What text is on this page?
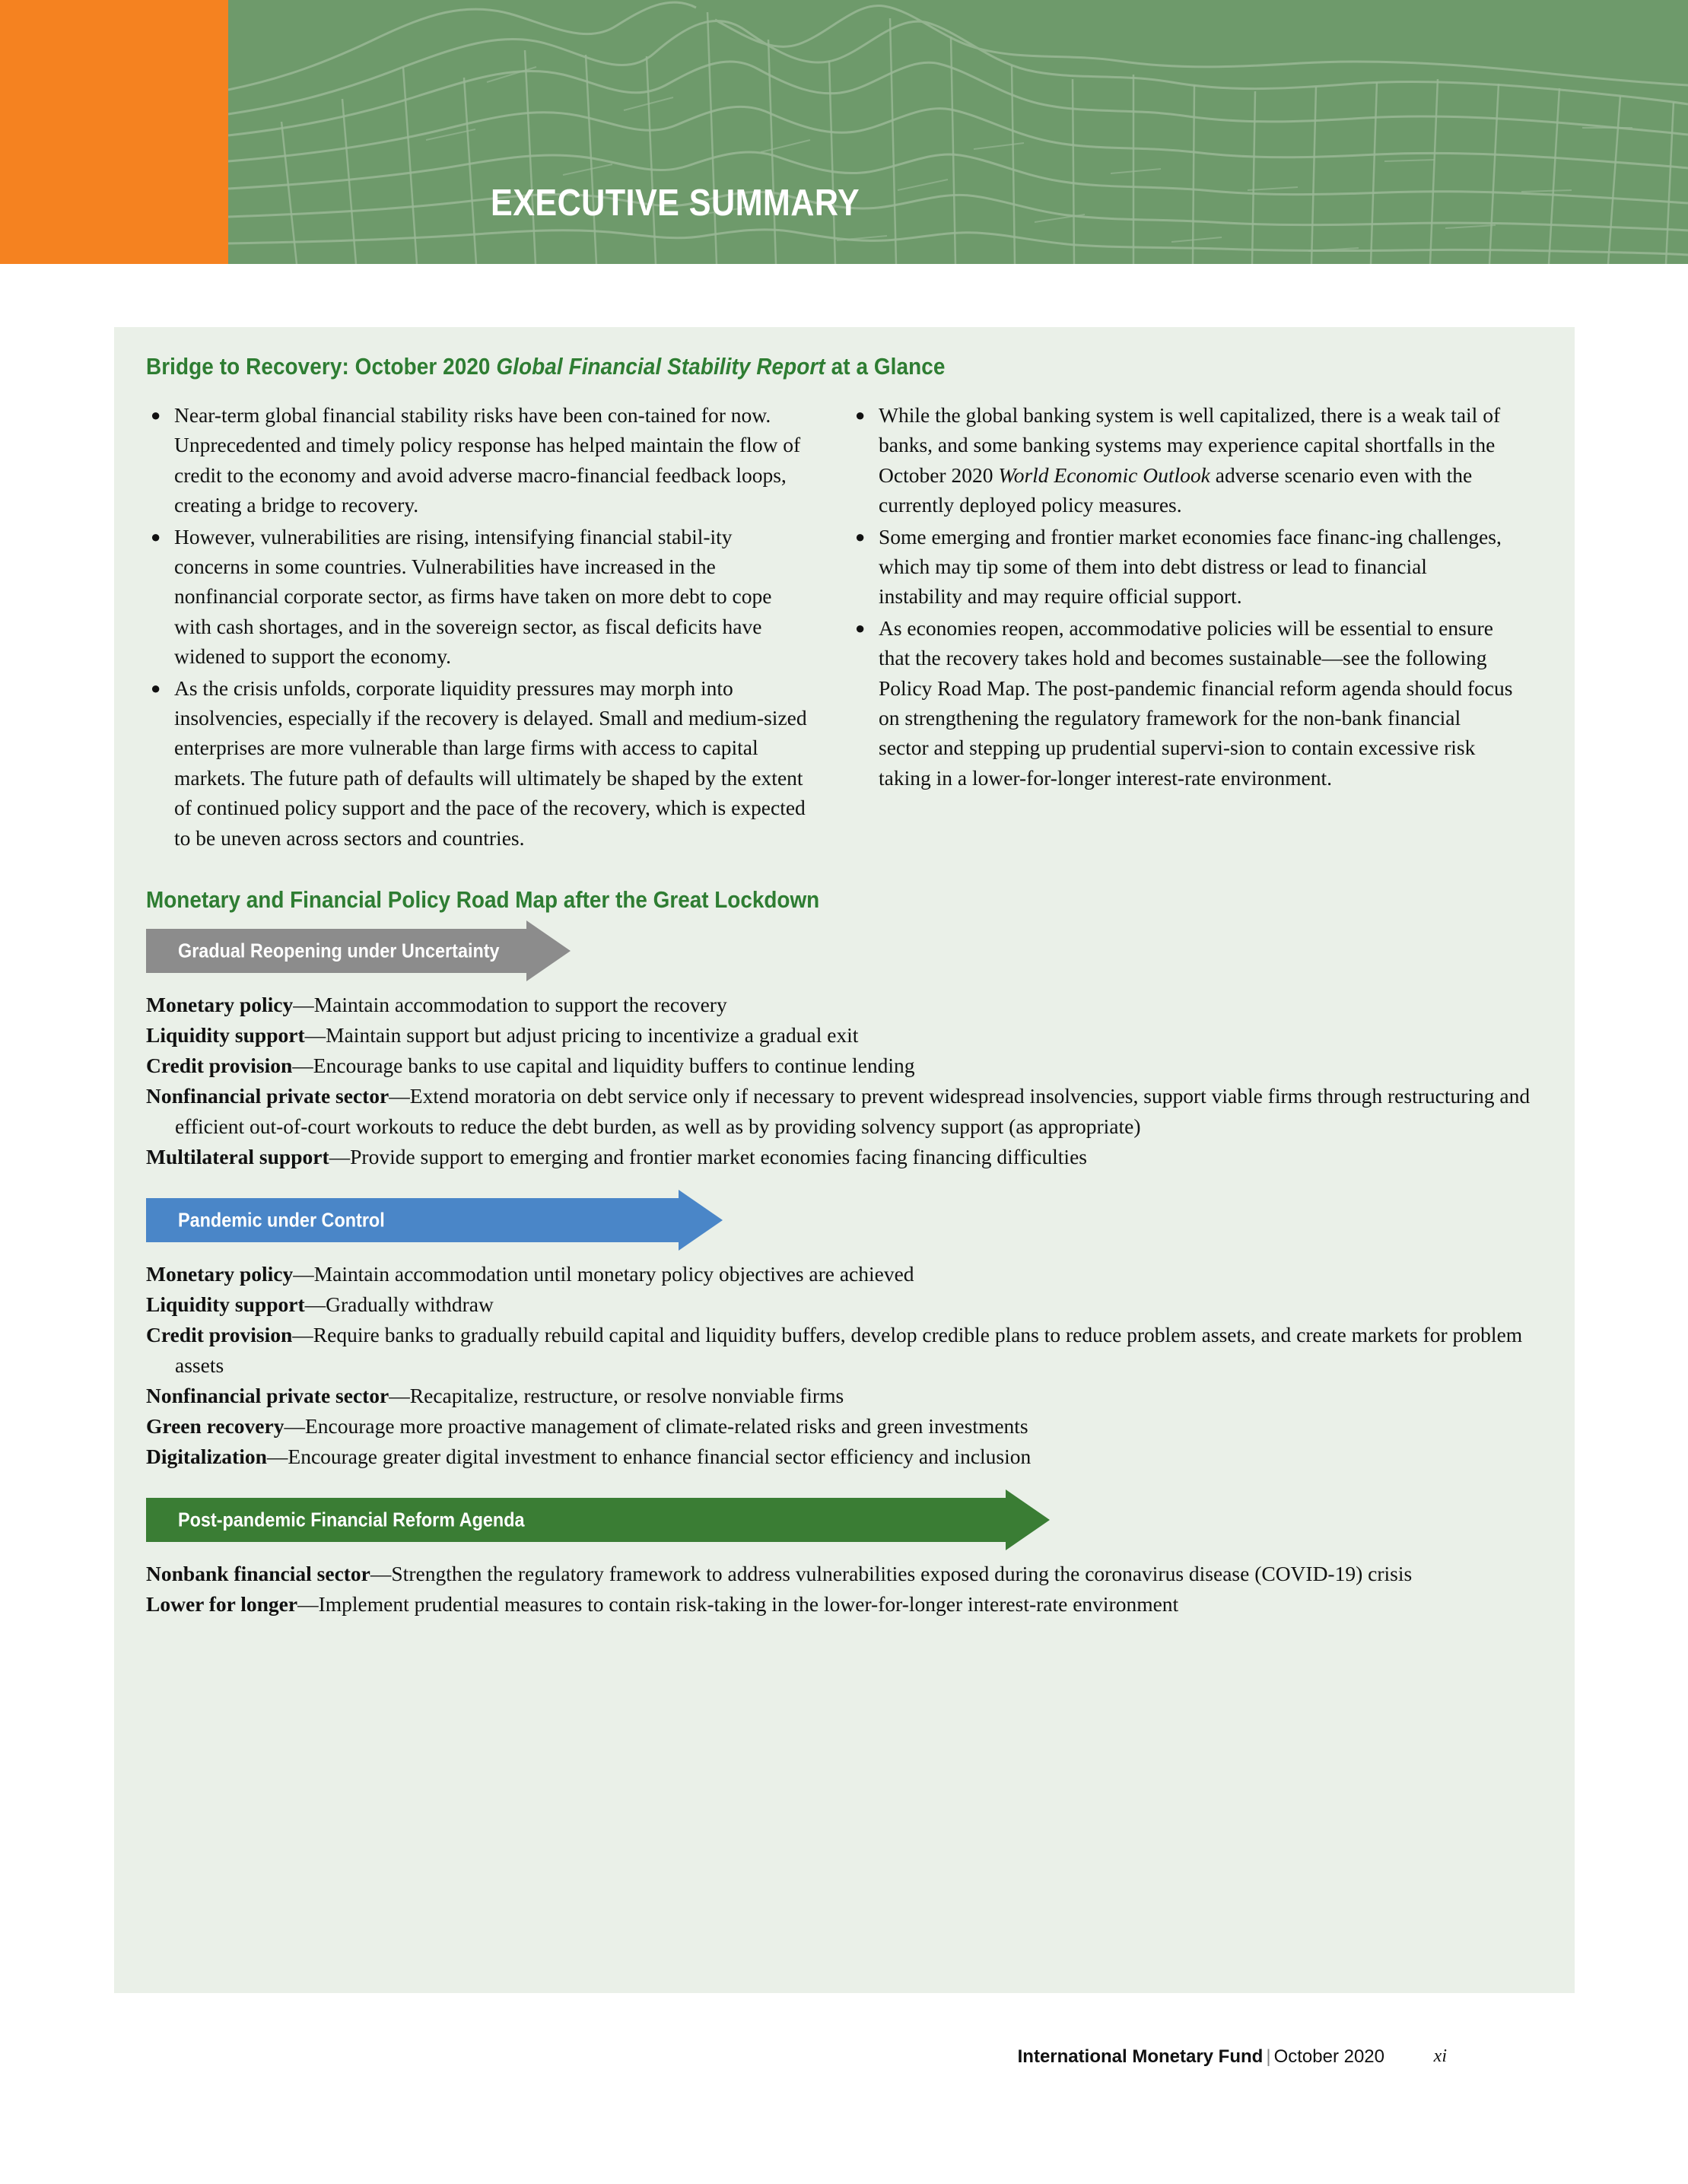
EXECUTIVE SUMMARY
Bridge to Recovery: October 2020 Global Financial Stability Report at a Glance
● Near-term global financial stability risks have been con-tained for now. Unprecedented and timely policy response has helped maintain the flow of credit to the economy and avoid adverse macro-financial feedback loops, creating a bridge to recovery.
● However, vulnerabilities are rising, intensifying financial stabil-ity concerns in some countries. Vulnerabilities have increased in the nonfinancial corporate sector, as firms have taken on more debt to cope with cash shortages, and in the sovereign sector, as fiscal deficits have widened to support the economy.
● As the crisis unfolds, corporate liquidity pressures may morph into insolvencies, especially if the recovery is delayed. Small and medium-sized enterprises are more vulnerable than large firms with access to capital markets. The future path of defaults will ultimately be shaped by the extent of continued policy support and the pace of the recovery, which is expected to be uneven across sectors and countries.
● While the global banking system is well capitalized, there is a weak tail of banks, and some banking systems may experience capital shortfalls in the October 2020 World Economic Outlook adverse scenario even with the currently deployed policy measures.
● Some emerging and frontier market economies face financ-ing challenges, which may tip some of them into debt distress or lead to financial instability and may require official support.
● As economies reopen, accommodative policies will be essential to ensure that the recovery takes hold and becomes sustainable—see the following Policy Road Map. The post-pandemic financial reform agenda should focus on strengthening the regulatory framework for the non-bank financial sector and stepping up prudential supervi-sion to contain excessive risk taking in a lower-for-longer interest-rate environment.
Monetary and Financial Policy Road Map after the Great Lockdown
Gradual Reopening under Uncertainty
Monetary policy—Maintain accommodation to support the recovery
Liquidity support—Maintain support but adjust pricing to incentivize a gradual exit
Credit provision—Encourage banks to use capital and liquidity buffers to continue lending
Nonfinancial private sector—Extend moratoria on debt service only if necessary to prevent widespread insolvencies, support viable firms through restructuring and efficient out-of-court workouts to reduce the debt burden, as well as by providing solvency support (as appropriate)
Multilateral support—Provide support to emerging and frontier market economies facing financing difficulties
Pandemic under Control
Monetary policy—Maintain accommodation until monetary policy objectives are achieved
Liquidity support—Gradually withdraw
Credit provision—Require banks to gradually rebuild capital and liquidity buffers, develop credible plans to reduce problem assets, and create markets for problem assets
Nonfinancial private sector—Recapitalize, restructure, or resolve nonviable firms
Green recovery—Encourage more proactive management of climate-related risks and green investments
Digitalization—Encourage greater digital investment to enhance financial sector efficiency and inclusion
Post-pandemic Financial Reform Agenda
Nonbank financial sector—Strengthen the regulatory framework to address vulnerabilities exposed during the coronavirus disease (COVID-19) crisis
Lower for longer—Implement prudential measures to contain risk-taking in the lower-for-longer interest-rate environment
International Monetary Fund | October 2020	xi
